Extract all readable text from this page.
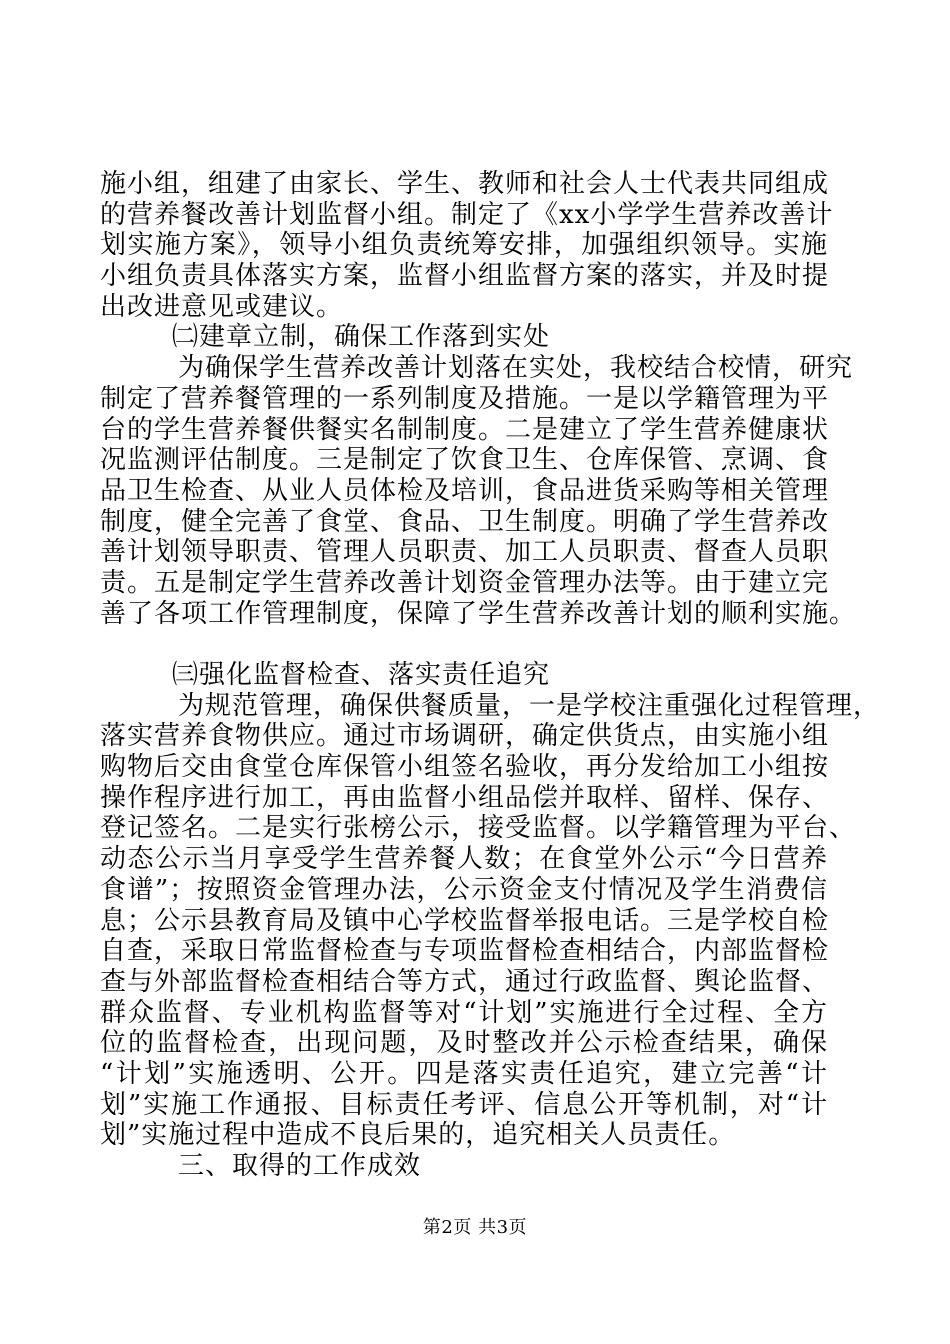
施小组，组建了由家长、学生、教师和社会人士代表共同组成
的营养餐改善计划监督小组。制定了《xx小学学生营养改善计
划实施方案》，领导小组负责统筹安排，加强组织领导。实施
小组负责具体落实方案，监督小组监督方案的落实，并及时提
出改进意见或建议。
㈡建章立制，确保工作落到实处
为确保学生营养改善计划落在实处，我校结合校情，研究
制定了营养餐管理的一系列制度及措施。一是以学籍管理为平
台的学生营养餐供餐实名制制度。二是建立了学生营养健康状
况监测评估制度。三是制定了饮食卫生、仓库保管、烹调、食
品卫生检查、从业人员体检及培训，食品进货采购等相关管理
制度，健全完善了食堂、食品、卫生制度。明确了学生营养改
善计划领导职责、管理人员职责、加工人员职责、督查人员职
责。五是制定学生营养改善计划资金管理办法等。由于建立完
善了各项工作管理制度，保障了学生营养改善计划的顺利实施。
㈢强化监督检查、落实责任追究
为规范管理，确保供餐质量，一是学校注重强化过程管理，
落实营养食物供应。通过市场调研，确定供货点，由实施小组
购物后交由食堂仓库保管小组签名验收，再分发给加工小组按
操作程序进行加工，再由监督小组品偿并取样、留样、保存、
登记签名。二是实行张榜公示，接受监督。以学籍管理为平台、
动态公示当月享受学生营养餐人数；在食堂外公示“今日营养
食谱”；按照资金管理办法，公示资金支付情况及学生消费信
息；公示县教育局及镇中心学校监督举报电话。三是学校自检
自查，采取日常监督检查与专项监督检查相结合，内部监督检
查与外部监督检查相结合等方式，通过行政监督、舆论监督、
群众监督、专业机构监督等对“计划”实施进行全过程、全方
位的监督检查，出现问题，及时整改并公示检查结果，确保
“计划”实施透明、公开。四是落实责任追究，建立完善“计
划”实施工作通报、目标责任考评、信息公开等机制，对“计
划”实施过程中造成不良后果的，追究相关人员责任。
三、取得的工作成效
第2页 共3页
